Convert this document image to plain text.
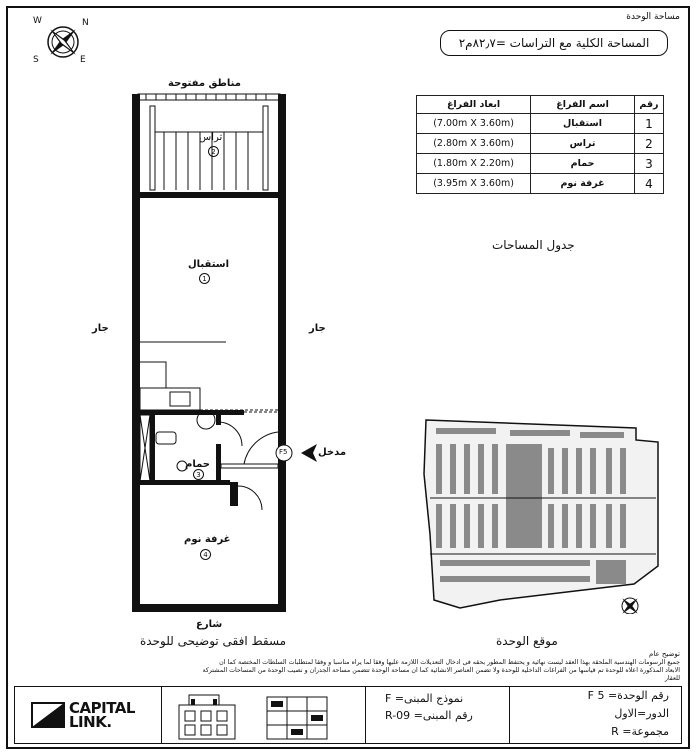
W	N
S	E
مساحة الوحدة
المساحة الكلية مع التراسات =٨٢٫٧م٢
ابعاد الفراغ	اسم الفراغ	رقم
(7.00m X 3.60m)	استقبال	1
(2.80m X 3.60m)	تراس	2
(1.80m X 2.20m)	حمام	3
(3.95m X 3.60m)	غرفة نوم	4
جدول المساحات
F5
مناطق مفتوحة
تراس
2
استقبال
1
حمام
3
غرفة نوم
4
جار	جار
شارع
مدخل
مسقط افقى توضيحى للوحدة	موقع الوحدة
توضيح عام
جميع الرسومات الهندسية الملحقة بهذا العقد ليست نهائية و يحتفظ المطور بحقه فى ادخال التعديلات اللازمة عليها وفقا لما يراه مناسبا و وفقا لمتطلبات السلطات المختصة كما ان
الابعاد المذكورة اعلاه للوحدة تم قياسها من الفراغات الداخلية للوحدة ولا تضمن العناصر الانشائية كما ان مساحة الوحدة تتضمن مساحة الجدران و نصيب الوحدة من المساحات المشتركة
للعقار
CAPITAL
LINK.
نموذج المبنى= F
رقم المبنى= R-09
رقم الوحدة= F 5
الدور=الاول
مجموعة= R
